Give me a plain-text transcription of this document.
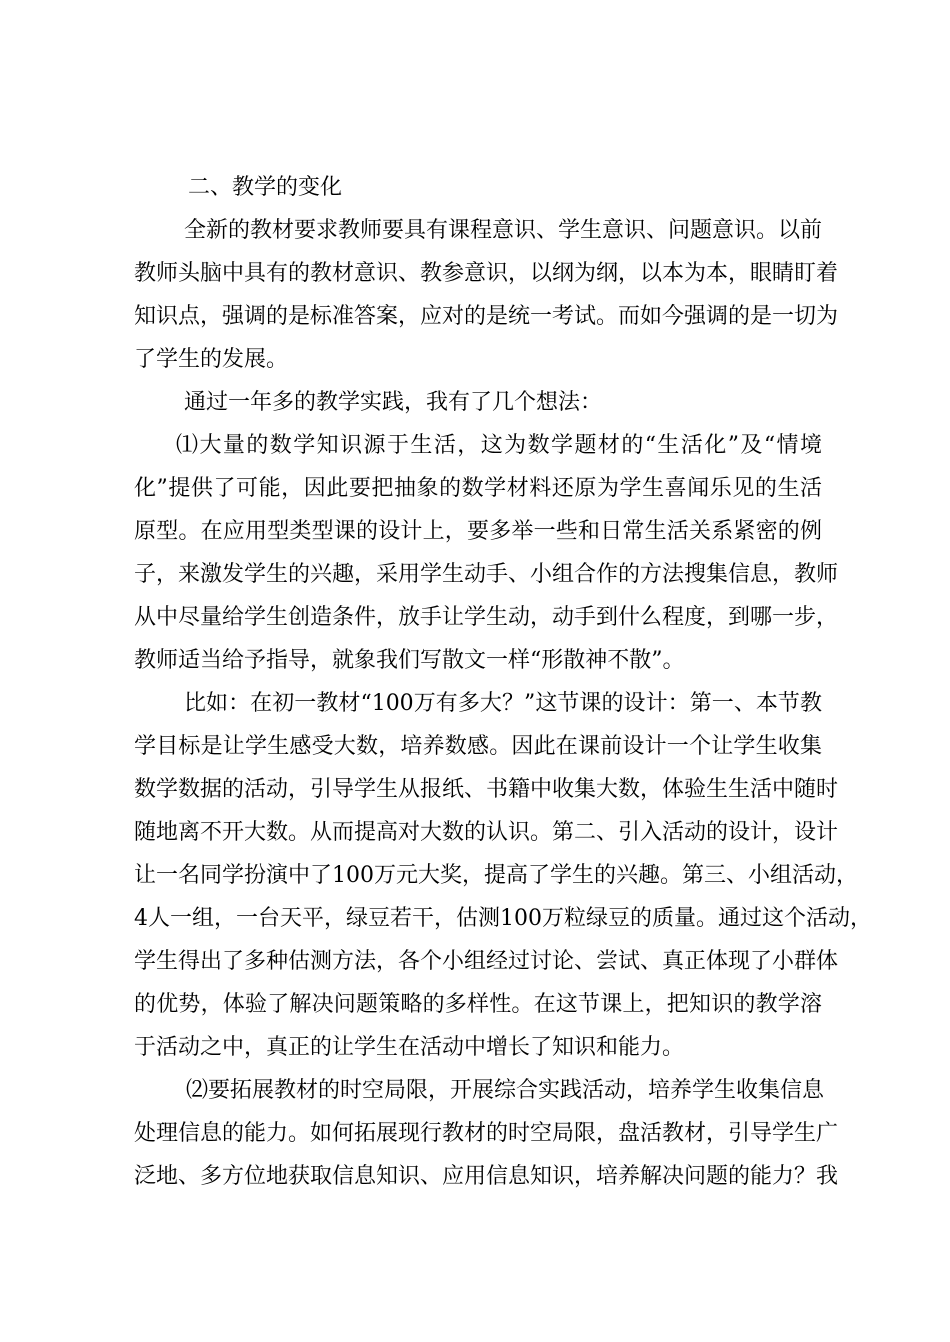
二、教学的变化
全新的教材要求教师要具有课程意识、学生意识、问题意识。以前
教师头脑中具有的教材意识、教参意识，以纲为纲，以本为本，眼睛盯着
知识点，强调的是标准答案，应对的是统一考试。而如今强调的是一切为
了学生的发展。
通过一年多的教学实践，我有了几个想法：
⑴大量的数学知识源于生活，这为数学题材的“生活化”及“情境
化”提供了可能，因此要把抽象的数学材料还原为学生喜闻乐见的生活
原型。在应用型类型课的设计上，要多举一些和日常生活关系紧密的例
子，来激发学生的兴趣，采用学生动手、小组合作的方法搜集信息，教师
从中尽量给学生创造条件，放手让学生动，动手到什么程度，到哪一步，
教师适当给予指导，就象我们写散文一样“形散神不散”。
比如：在初一教材“100万有多大？”这节课的设计：第一、本节教
学目标是让学生感受大数，培养数感。因此在课前设计一个让学生收集
数学数据的活动，引导学生从报纸、书籍中收集大数，体验生生活中随时
随地离不开大数。从而提高对大数的认识。第二、引入活动的设计，设计
让一名同学扮演中了100万元大奖，提高了学生的兴趣。第三、小组活动，
4人一组，一台天平，绿豆若干，估测100万粒绿豆的质量。通过这个活动，
学生得出了多种估测方法，各个小组经过讨论、尝试、真正体现了小群体
的优势，体验了解决问题策略的多样性。在这节课上，把知识的教学溶
于活动之中，真正的让学生在活动中增长了知识和能力。
⑵要拓展教材的时空局限，开展综合实践活动，培养学生收集信息
处理信息的能力。如何拓展现行教材的时空局限，盘活教材，引导学生广
泛地、多方位地获取信息知识、应用信息知识，培养解决问题的能力？我
